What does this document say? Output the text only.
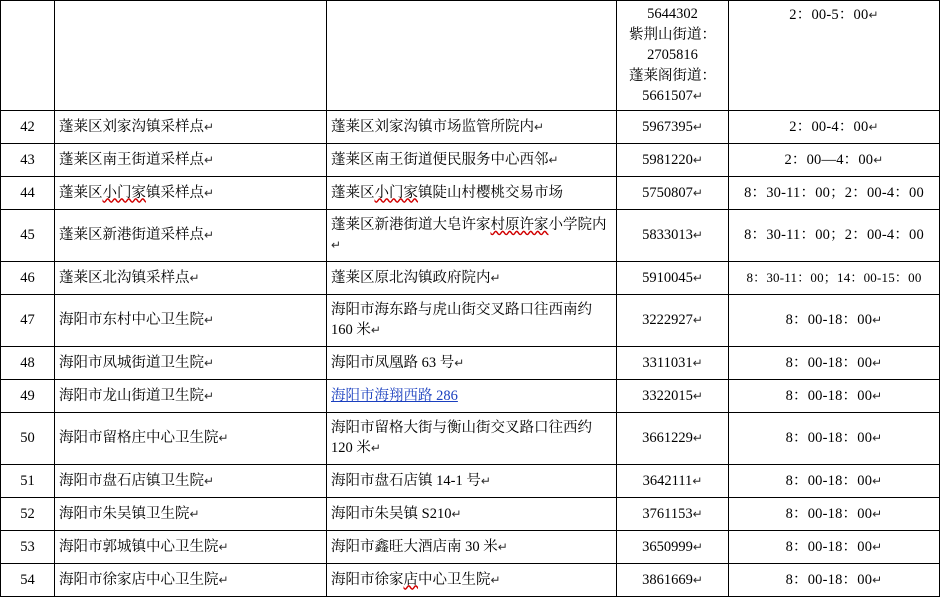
			5644302
紫荆山街道：
2705816
蓬莱阁街道：
5661507↵	2：00-5：00↵
42	蓬莱区刘家沟镇采样点↵	蓬莱区刘家沟镇市场监管所院内↵	5967395↵	2：00-4：00↵
43	蓬莱区南王街道采样点↵	蓬莱区南王街道便民服务中心西邻↵	5981220↵	2：00—4：00↵
44	蓬莱区小门家镇采样点↵	蓬莱区小门家镇陡山村樱桃交易市场	5750807↵	8：30-11：00；2：00-4：00
45	蓬莱区新港街道采样点↵	蓬莱区新港街道大皂许家村原许家小学院内↵	5833013↵	8：30-11：00；2：00-4：00
46	蓬莱区北沟镇采样点↵	蓬莱区原北沟镇政府院内↵	5910045↵	8：30-11：00；14：00-15：00
47	海阳市东村中心卫生院↵	海阳市海东路与虎山街交叉路口往西南约 160 米↵	3222927↵	8：00-18：00↵
48	海阳市凤城街道卫生院↵	海阳市凤凰路 63 号↵	3311031↵	8：00-18：00↵
49	海阳市龙山街道卫生院↵	海阳市海翔西路 286	3322015↵	8：00-18：00↵
50	海阳市留格庄中心卫生院↵	海阳市留格大街与衡山街交叉路口往西约 120 米↵	3661229↵	8：00-18：00↵
51	海阳市盘石店镇卫生院↵	海阳市盘石店镇 14-1 号↵	3642111↵	8：00-18：00↵
52	海阳市朱吴镇卫生院↵	海阳市朱吴镇 S210↵	3761153↵	8：00-18：00↵
53	海阳市郭城镇中心卫生院↵	海阳市鑫旺大酒店南 30 米↵	3650999↵	8：00-18：00↵
54	海阳市徐家店中心卫生院↵	海阳市徐家店中心卫生院↵	3861669↵	8：00-18：00↵
